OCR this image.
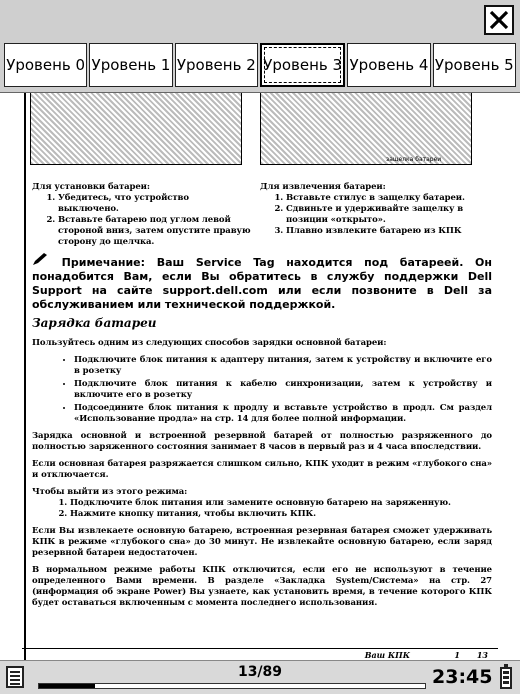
Уровень 0 Уровень 1 Уровень 2 Уровень 3 Уровень 4 Уровень 5
защелка батареи
Для установки батареи:
1. Убедитесь, что устройство выключено.
2. Вставьте батарею под углом левой стороной вниз, затем опустите правую сторону до щелчка.
Для извлечения батареи:
1. Вставьте стилус в защелку батареи.
2. Сдвиньте и удерживайте защелку в позиции «открыто».
3. Плавно извлеките батарею из КПК
Примечание: Ваш Service Tag находится под батареей. Он понадобится Вам, если Вы обратитесь в службу поддержки Dell Support на сайте support.dell.com или если позвоните в Dell за обслуживанием или технической поддержкой.
Зарядка батареи

Пользуйтесь одним из следующих способов зарядки основной батареи:

• Подключите блок питания к адаптеру питания, затем к устройству и включите его в розетку
• Подключите блок питания к кабелю синхронизации, затем к устройству и включите его в розетку
• Подсоедините блок питания к продлу и вставьте устройство в продл. См раздел «Использование продла» на стр. 14 для более полной информации.

Зарядка основной и встроенной резервной батарей от полностью разряженного до полностью заряженного состояния занимает 8 часов в первый раз и 4 часа впоследствии.

Если основная батарея разряжается слишком сильно, КПК уходит в режим «глубокого сна» и отключается.

Чтобы выйти из этого режима:
1. Подключите блок питания или замените основную батарею на заряженную.
2. Нажмите кнопку питания, чтобы включить КПК.

Если Вы извлекаете основную батарею, встроенная резервная батарея сможет удерживать КПК в режиме «глубокого сна» до 30 минут. Не извлекайте основную батарею, если заряд резервной батареи недостаточен.

В нормальном режиме работы КПК отключится, если его не используют в течение определенного Вами времени. В разделе «Закладка System/Система» на стр. 27 (информация об экране Power) Вы узнаете, как установить время, в течение которого КПК будет оставаться включенным с момента последнего использования.

Ваш КПК	1 13
13/89	23:45
